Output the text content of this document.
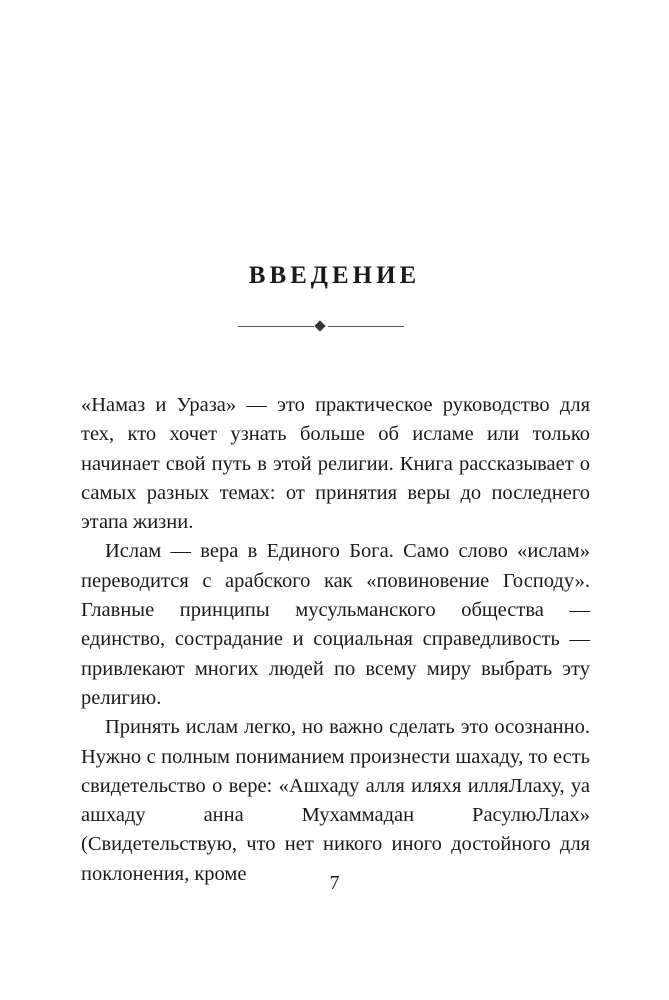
ВВЕДЕНИЕ

«Намаз и Ураза» — это практическое руководство для тех, кто хочет узнать больше об исламе или только начинает свой путь в этой религии. Книга рассказывает о самых разных темах: от принятия веры до последнего этапа жизни.

Ислам — вера в Единого Бога. Само слово «ислам» переводится с арабского как «повиновение Господу». Главные принципы мусульманского общества — единство, сострадание и социальная справедливость — привлекают многих людей по всему миру выбрать эту религию.

Принять ислам легко, но важно сделать это осознанно. Нужно с полным пониманием произнести шахаду, то есть свидетельство о вере: «Ашхаду алля иляхя илляЛлаху, уа ашхаду анна Мухаммадан РасулюЛлах» (Свидетельствую, что нет никого иного достойного для поклонения, кроме	7
